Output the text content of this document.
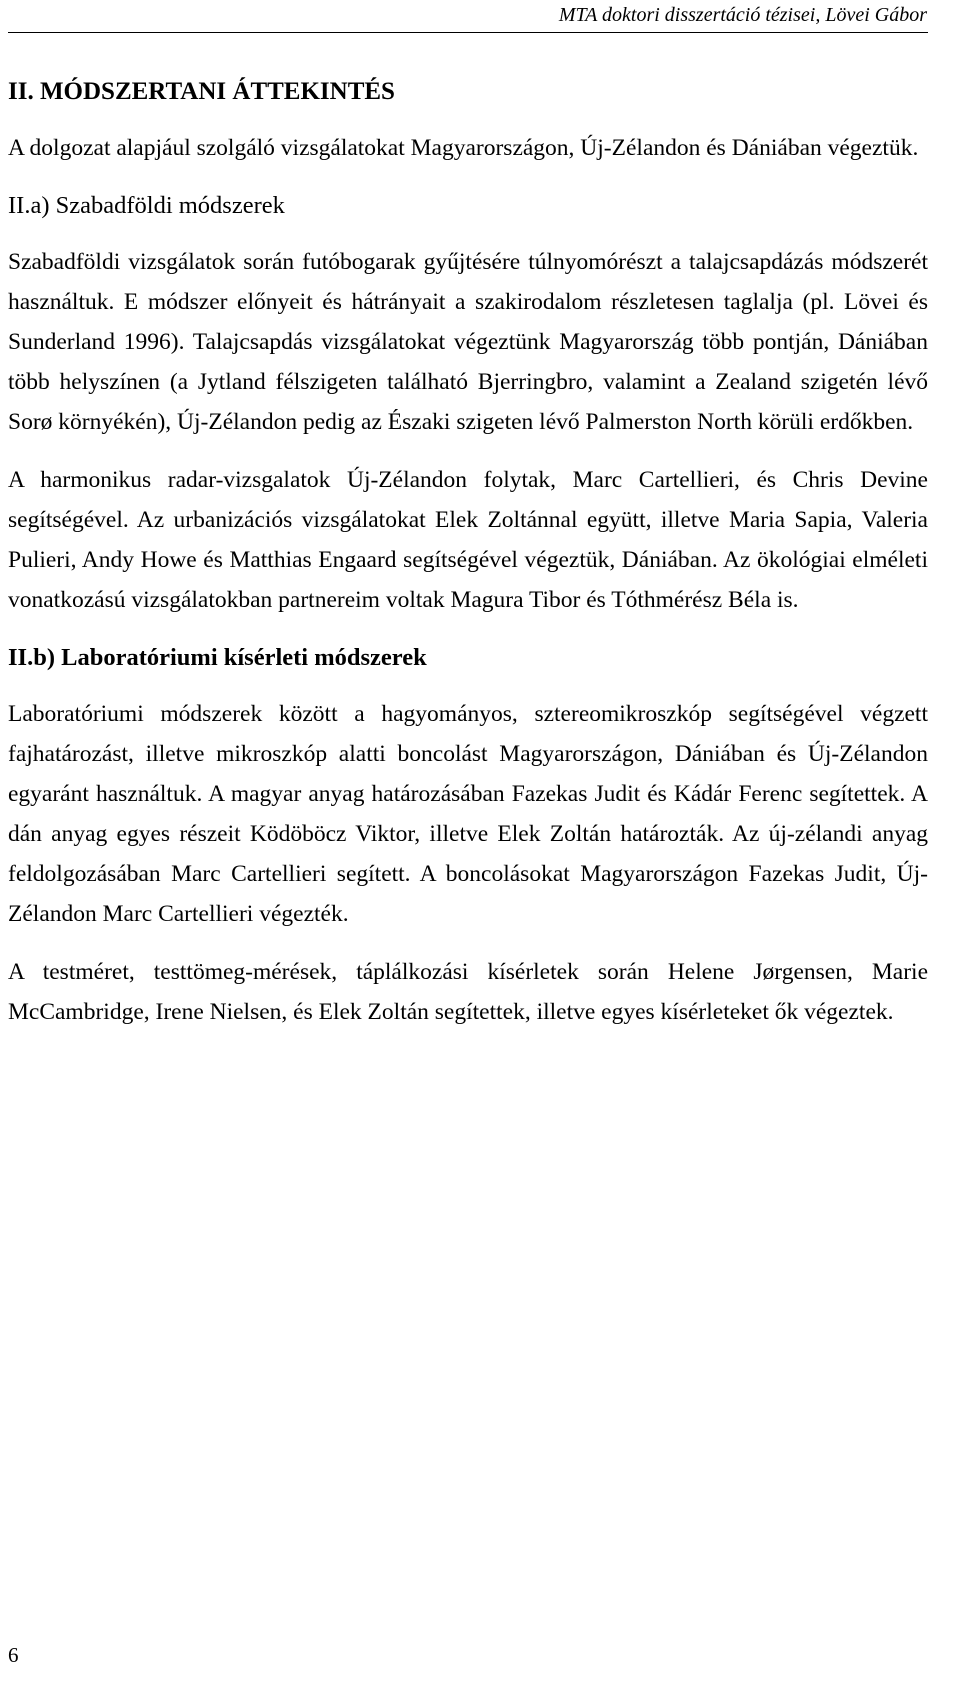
MTA doktori disszertáció tézisei, Lövei Gábor
II. MÓDSZERTANI ÁTTEKINTÉS
A dolgozat alapjául szolgáló vizsgálatokat Magyarországon, Új-Zélandon és Dániában végeztük.
II.a) Szabadföldi módszerek
Szabadföldi vizsgálatok során futóbogarak gyűjtésére túlnyomórészt a talajcsapdázás módszerét használtuk. E módszer előnyeit és hátrányait a szakirodalom részletesen taglalja (pl. Lövei és Sunderland 1996). Talajcsapdás vizsgálatokat végeztünk Magyarország több pontján, Dániában több helyszínen (a Jytland félszigeten található Bjerringbro, valamint a Zealand szigetén lévő Sorø környékén), Új-Zélandon pedig az Északi szigeten lévő Palmerston North körüli erdőkben.
A harmonikus radar-vizsgalatok Új-Zélandon folytak, Marc Cartellieri, és Chris Devine segítségével. Az urbanizációs vizsgálatokat Elek Zoltánnal együtt, illetve Maria Sapia, Valeria Pulieri, Andy Howe és Matthias Engaard segítségével végeztük, Dániában. Az ökológiai elméleti vonatkozású vizsgálatokban partnereim voltak Magura Tibor és Tóthmérész Béla is.
II.b) Laboratóriumi kísérleti módszerek
Laboratóriumi módszerek között a hagyományos, sztereomikroszkóp segítségével végzett fajhatározást, illetve mikroszkóp alatti boncolást Magyarországon, Dániában és Új-Zélandon egyaránt használtuk. A magyar anyag határozásában Fazekas Judit és Kádár Ferenc segítettek. A dán anyag egyes részeit Ködöböcz Viktor, illetve Elek Zoltán határozták. Az új-zélandi anyag feldolgozásában Marc Cartellieri segített. A boncolásokat Magyarországon Fazekas Judit, Új-Zélandon Marc Cartellieri végezték.
A testméret, testtömeg-mérések, táplálkozási kísérletek során Helene Jørgensen, Marie McCambridge, Irene Nielsen, és Elek Zoltán segítettek, illetve egyes kísérleteket ők végeztek.
6
